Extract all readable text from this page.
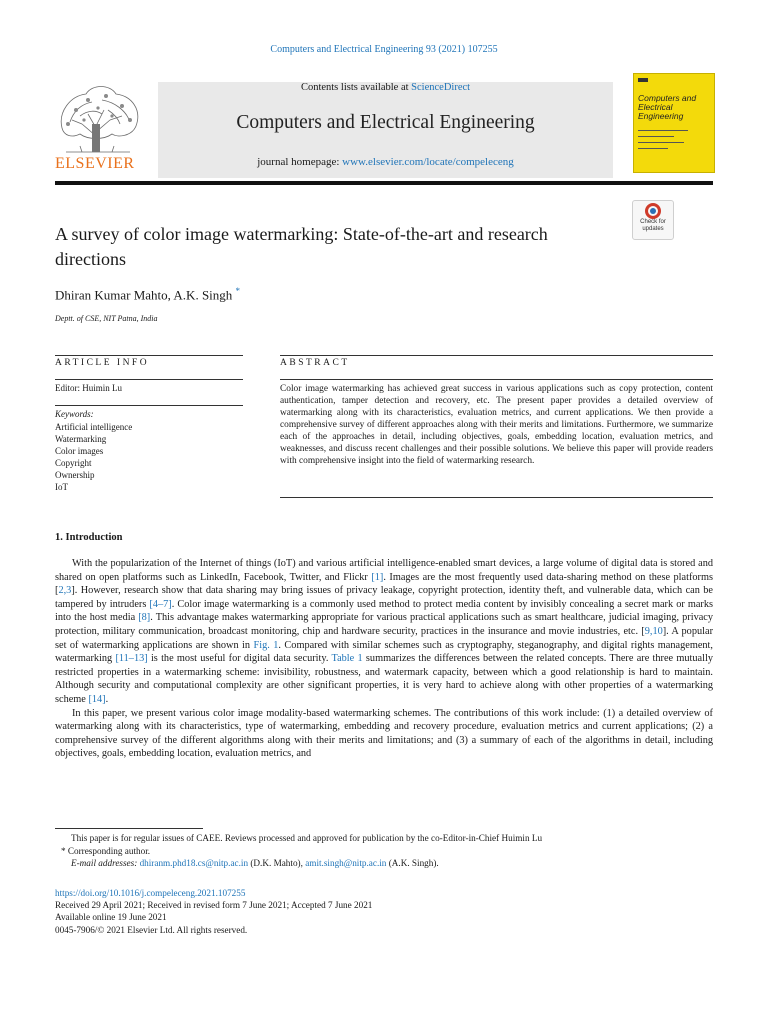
Computers and Electrical Engineering 93 (2021) 107255
Contents lists available at ScienceDirect
Computers and Electrical Engineering
journal homepage: www.elsevier.com/locate/compeleceng
ELSEVIER
Computers and Electrical Engineering
Check for
updates
A survey of color image watermarking: State-of-the-art and research directions
Dhiran Kumar Mahto, A.K. Singh *
Deptt. of CSE, NIT Patna, India
ARTICLE INFO
Editor: Huimin Lu
Keywords:
Artificial intelligence
Watermarking
Color images
Copyright
Ownership
IoT
ABSTRACT
Color image watermarking has achieved great success in various applications such as copy protection, content authentication, tamper detection and recovery, etc. The present paper provides a detailed overview of watermarking along with its characteristics, evaluation metrics, and current applications. We then provide a comprehensive survey of different approaches along with their merits and limitations. Furthermore, we summarize each of the approaches in detail, including objectives, goals, embedding location, evaluation metrics, and weaknesses, and discuss recent challenges and their possible solutions. We believe this paper will provide readers with comprehensive insight into the field of watermarking research.
1. Introduction

With the popularization of the Internet of things (IoT) and various artificial intelligence-enabled smart devices, a large volume of digital data is stored and shared on open platforms such as LinkedIn, Facebook, Twitter, and Flickr [1]. Images are the most frequently used data-sharing method on these platforms [2,3]. However, research show that data sharing may bring issues of privacy leakage, copyright protection, identity theft, and vulnerable data, which can be tampered by intruders [4–7]. Color image watermarking is a commonly used method to protect media content by invisibly concealing a secret mark or marks into the host media [8]. This advantage makes watermarking appropriate for various practical applications such as smart healthcare, judicial imaging, privacy protection, military communication, broadcast monitoring, chip and hardware security, practices in the insurance and movie industries, etc. [9,10]. A popular set of watermarking applications are shown in Fig. 1. Compared with similar schemes such as cryptography, steganography, and digital rights management, watermarking [11–13] is the most useful for digital data security. Table 1 summarizes the differences between the related concepts. There are three mutually restricted properties in a watermarking scheme: invisibility, robustness, and watermark capacity, between which a good relationship is hard to maintain. Although security and computational complexity are other significant properties, it is very hard to achieve along with other properties of a watermarking scheme [14].

In this paper, we present various color image modality-based watermarking schemes. The contributions of this work include: (1) a detailed overview of watermarking along with its characteristics, type of watermarking, embedding and recovery procedure, evaluation metrics and current applications; (2) a comprehensive survey of the different algorithms along with their merits and limitations; and (3) a summary of each of the algorithms in detail, including objectives, goals, embedding location, evaluation metrics, and

This paper is for regular issues of CAEE. Reviews processed and approved for publication by the co-Editor-in-Chief Huimin Lu
* Corresponding author.
E-mail addresses: dhiranm.phd18.cs@nitp.ac.in (D.K. Mahto), amit.singh@nitp.ac.in (A.K. Singh).
https://doi.org/10.1016/j.compeleceng.2021.107255
Received 29 April 2021; Received in revised form 7 June 2021; Accepted 7 June 2021
Available online 19 June 2021
0045-7906/© 2021 Elsevier Ltd. All rights reserved.
